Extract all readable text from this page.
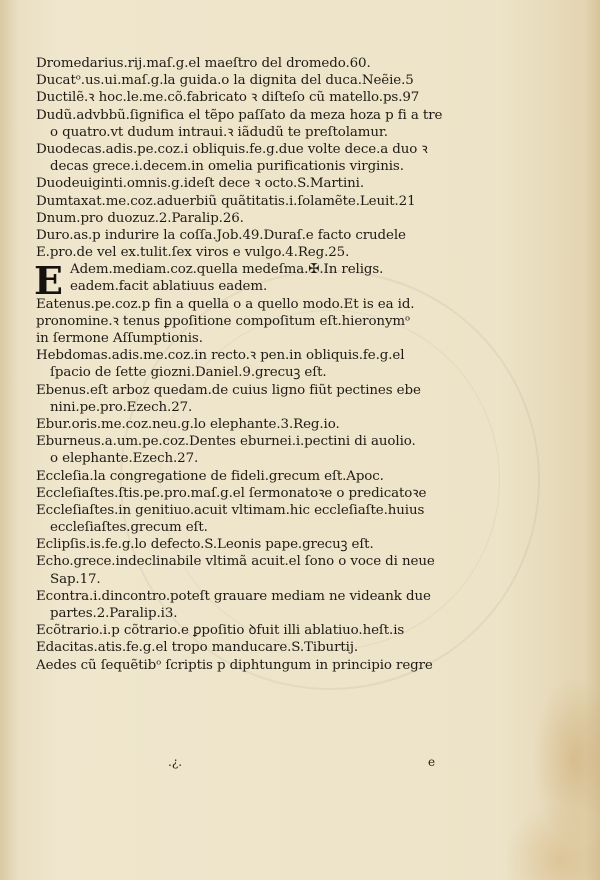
Dromedarius.rij.maſ.g.el maeſtro del dromedo.60.
Ducatᵒ.us.ui.maſ.g.la guida.o la dignita del duca.Neẽie.5
Ductilẽ.ꝛ hoc.le.me.cõ.fabricato ꝛ diſteſo cũ matello.ps.97
Dudũ.advbbũ.ſignifica el tẽpo paſſato da meza hoza p fi a tre
o quatro.vt dudum intraui.ꝛ iãdudũ te preſtolamur.
Duodecas.adis.pe.coz.i obliquis.fe.g.due volte dece.a duo ꝛ
decas grece.i.decem.in omelia purificationis virginis.
Duodeuiginti.omnis.g.ideſt dece ꝛ octo.S.Martini.
Dumtaxat.me.coz.aduerbiũ quãtitatis.i.ſolamẽte.Leuit.21
Dnum.pro duozuz.2.Paralip.26.
Duro.as.p indurire la coſſa.Job.49.Duraſ.e facto crudele
E.pro.de vel ex.tulit.ſex viros e vulgo.4.Reg.25.
E Adem.mediam.coz.quella medeſma.✠.In religs.
eadem.facit ablatiuus eadem.
Eatenus.pe.coz.p fin a quella o a quello modo.Et is ea id.
pronomine.ꝛ tenus ꝑpoſitione compoſitum eſt.hieronymᵒ
in ſermone Aſſumptionis.
Hebdomas.adis.me.coz.in recto.ꝛ pen.in obliquis.fe.g.el
ſpacio de ſette giozni.Daniel.9.grecuꝫ eſt.
Ebenus.eſt arboz quedam.de cuius ligno fiũt pectines ebe
nini.pe.pro.Ezech.27.
Ebur.oris.me.coz.neu.g.lo elephante.3.Reg.io.
Eburneus.a.um.pe.coz.Dentes eburnei.i.pectini di auolio.
o elephante.Ezech.27.
Eccleſia.la congregatione de fideli.grecum eſt.Apoc.
Eccleſiaſtes.ſtis.pe.pro.maſ.g.el ſermonatoꝛe o predicatoꝛe
Eccleſiaſtes.in genitiuo.acuit vltimam.hic eccleſiaſte.huius
eccleſiaſtes.grecum eſt.
Eclipſis.is.fe.g.lo defecto.S.Leonis pape.grecuꝫ eſt.
Echo.grece.indeclinabile vltimã acuit.el ſono o voce di neue
Sap.17.
Econtra.i.dincontro.poteſt grauare mediam ne videank due
partes.2.Paralip.i3.
Ecõtrario.i.p cõtrario.e ꝑpoſitio ꝺfuit illi ablatiuo.heſt.is
Edacitas.atis.fe.g.el tropo manducare.S.Tiburtij.
Aedes cũ ſequẽtibᵒ ſcriptis p diphtungum in principio regre
.¿.	e
